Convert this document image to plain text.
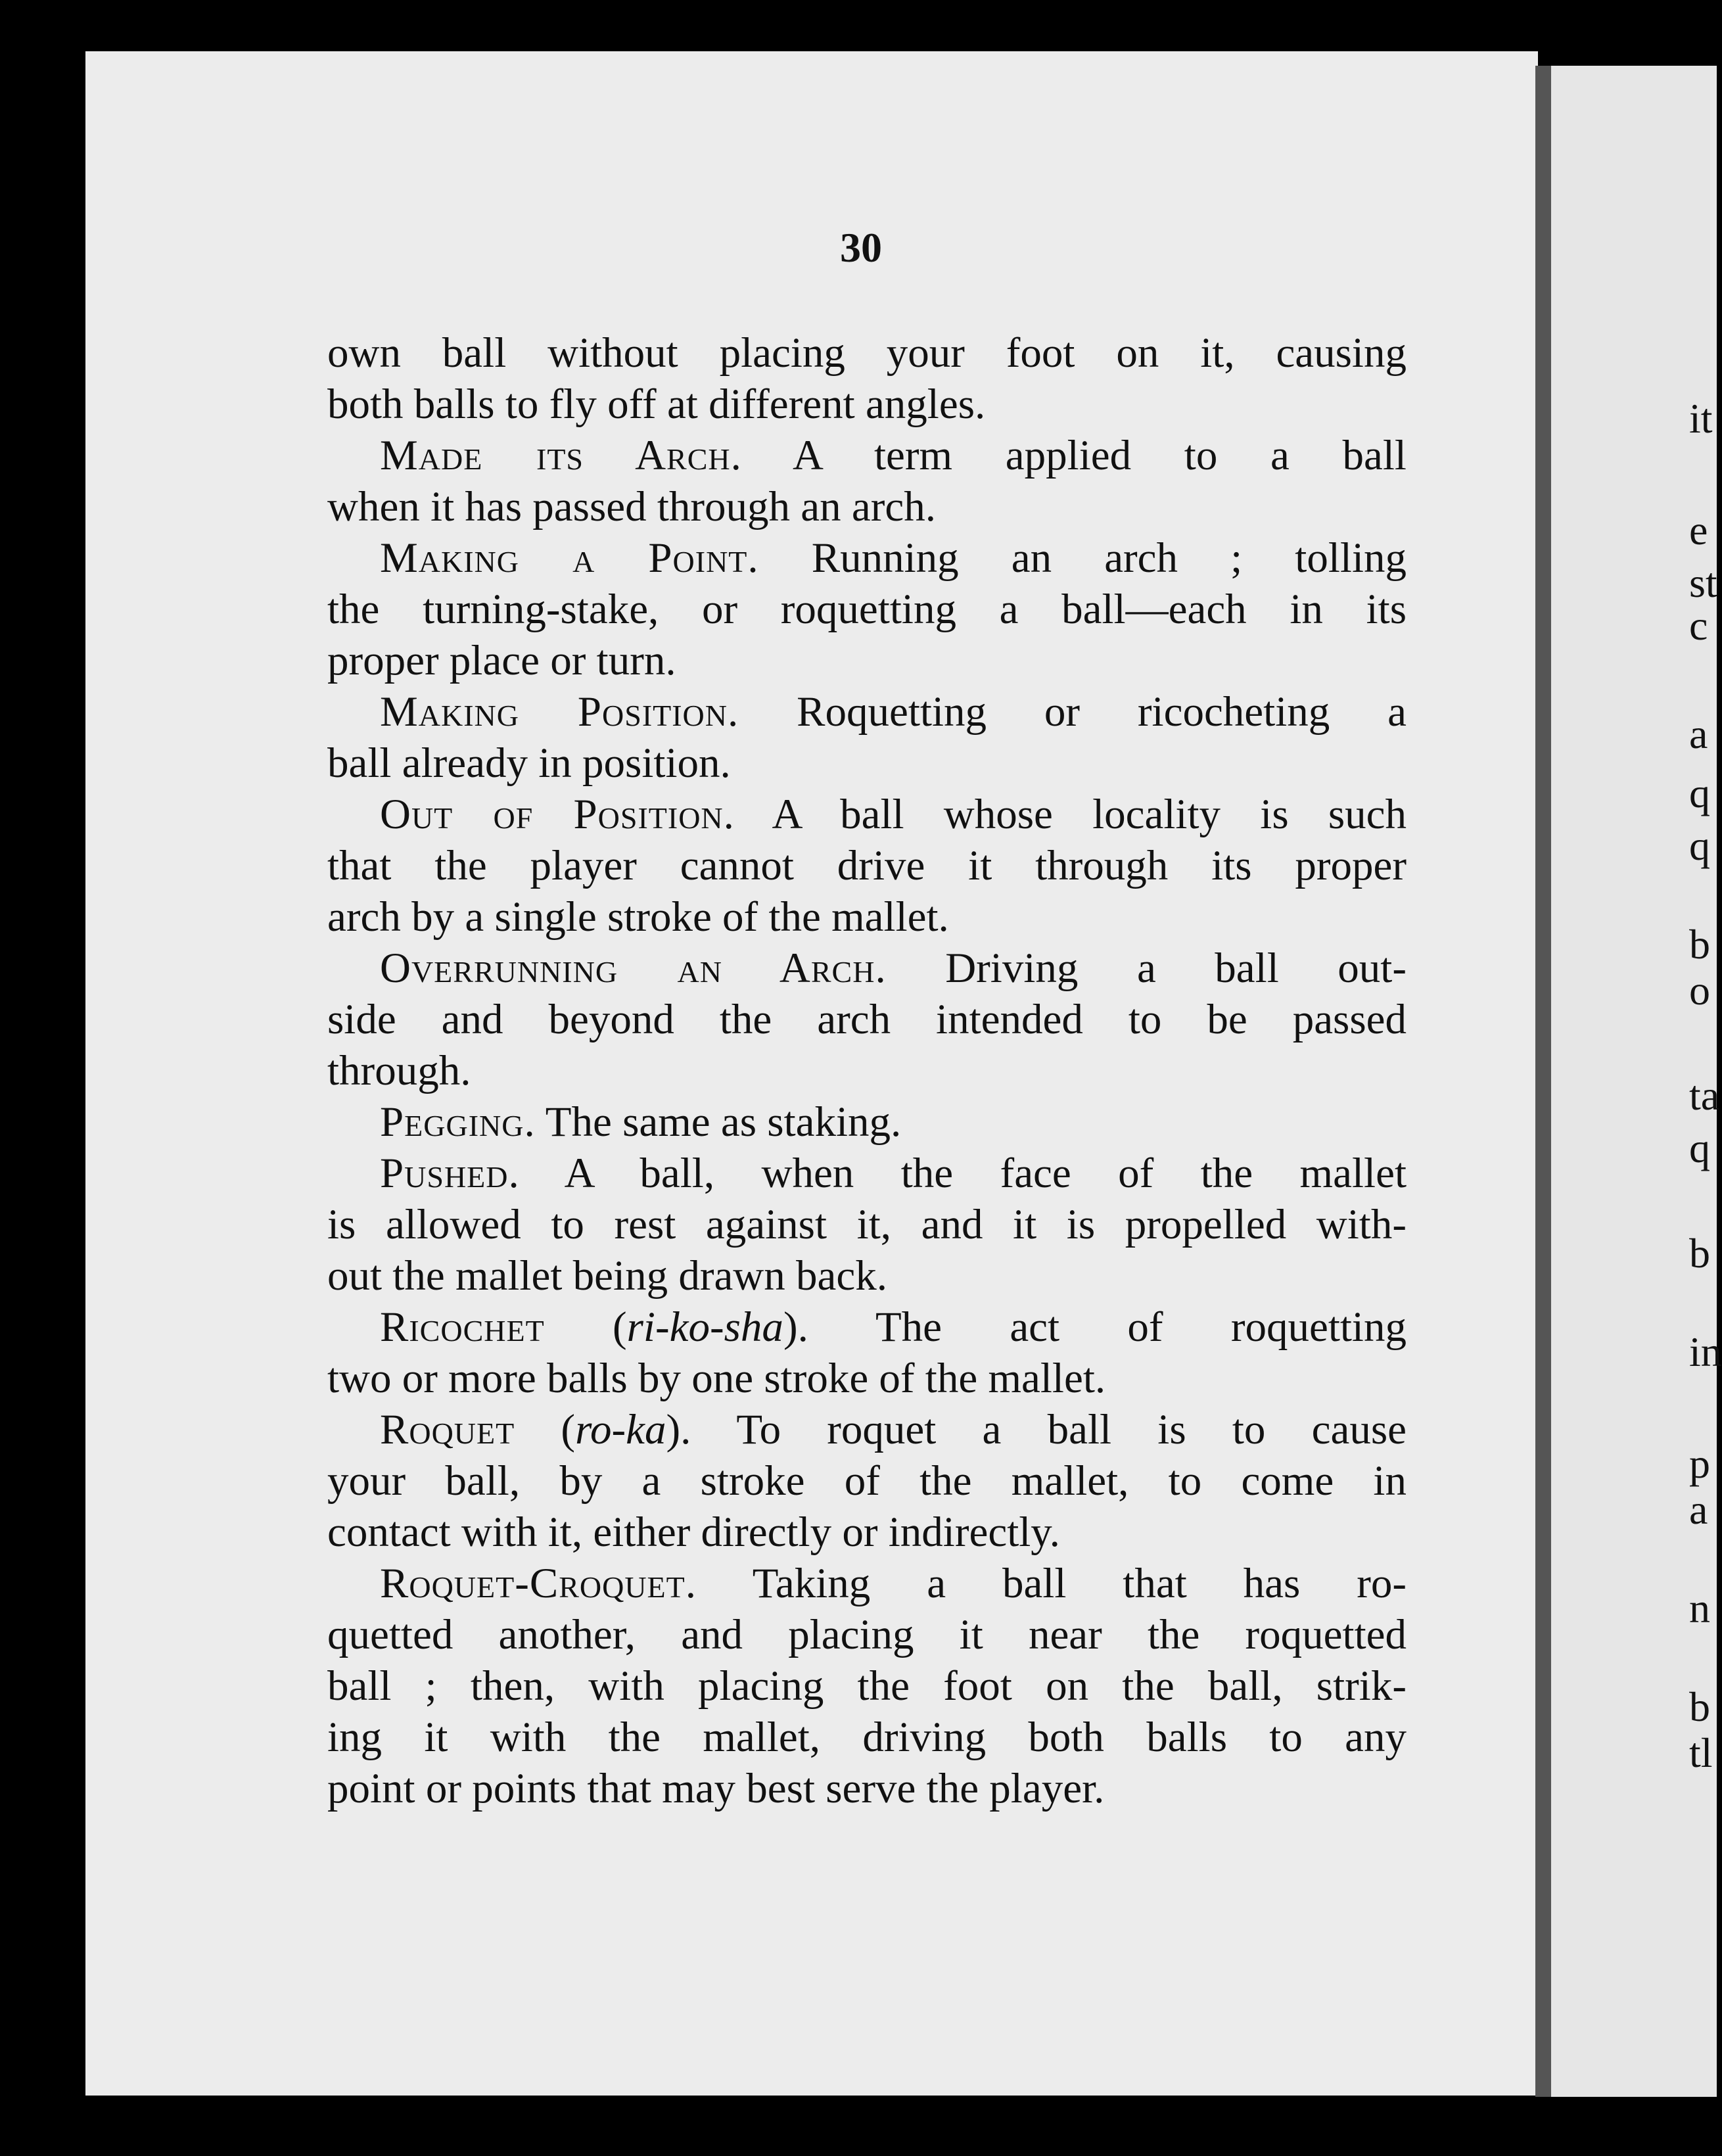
30
own ball without placing your foot on it, causing
both balls to fly off at different angles.
Made its Arch. A term applied to a ball
when it has passed through an arch.
Making a Point. Running an arch ; tolling
the turning-stake, or roquetting a ball—each in its
proper place or turn.
Making Position. Roquetting or ricocheting a
ball already in position.
Out of Position. A ball whose locality is such
that the player cannot drive it through its proper
arch by a single stroke of the mallet.
Overrunning an Arch. Driving a ball out-
side and beyond the arch intended to be passed
through.
Pegging. The same as staking.
Pushed. A ball, when the face of the mallet
is allowed to rest against it, and it is propelled with-
out the mallet being drawn back.
Ricochet (ri-ko-sha). The act of roquetting
two or more balls by one stroke of the mallet.
Roquet (ro-ka). To roquet a ball is to cause
your ball, by a stroke of the mallet, to come in
contact with it, either directly or indirectly.
Roquet-Croquet. Taking a ball that has ro-
quetted another, and placing it near the roquetted
ball ; then, with placing the foot on the ball, strik-
ing it with the mallet, driving both balls to any
point or points that may best serve the player.
it
e
st
c
a
q
q
b
o
ta
q
b
in
p
a
n
b
tl
